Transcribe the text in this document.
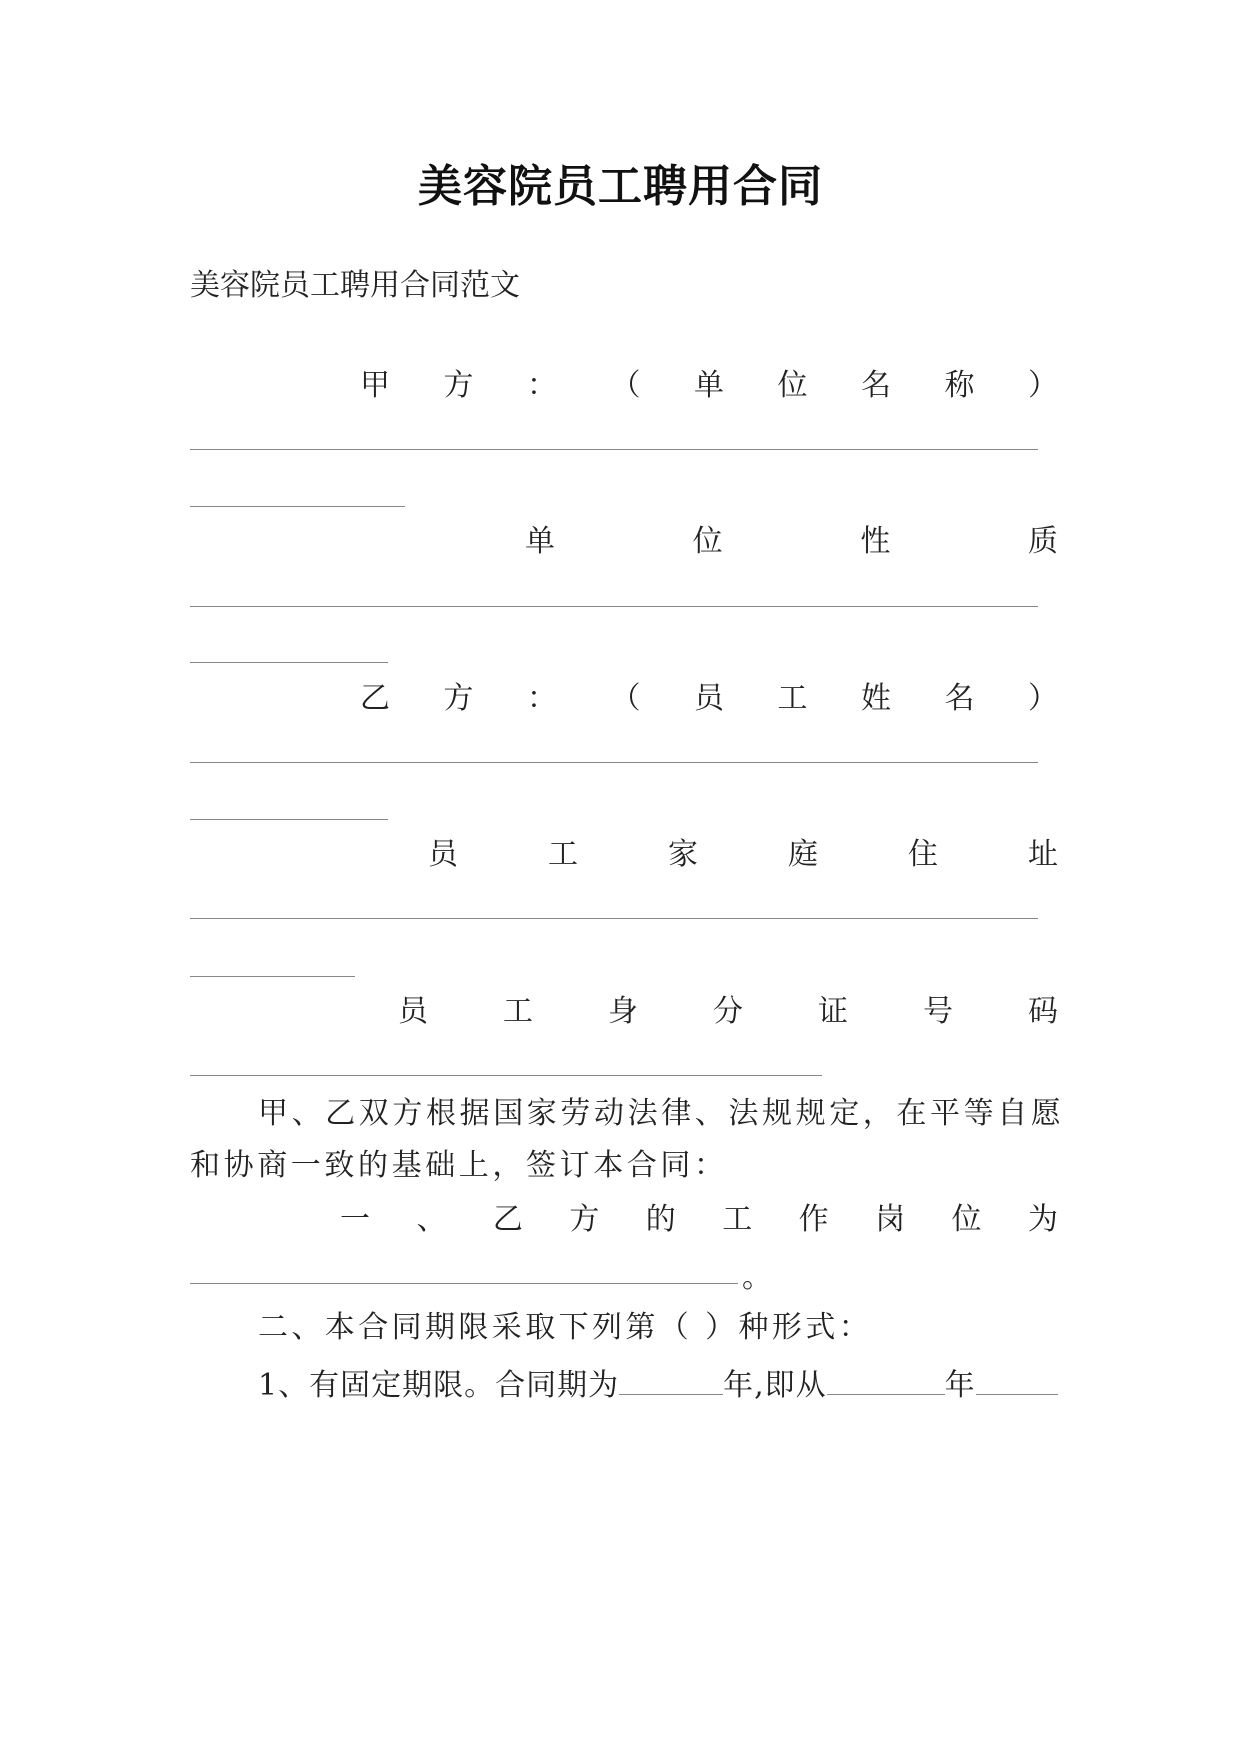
美容院员工聘用合同
美容院员工聘用合同范文
甲 方 ： （ 单 位 名 称 ）
单	位	性	质
乙 方 ： （ 员 工 姓 名 ）
员	工	家	庭	住	址
员	工	身	分	证	号	码
甲、乙双方根据国家劳动法律、法规规定，在平等自愿
和协商一致的基础上，签订本合同：
一 、 乙 方 的 工 作 岗 位 为
。
二、本合同期限采取下列第（ ）种形式：
1、有固定期限。合同期为	年,即从	年
